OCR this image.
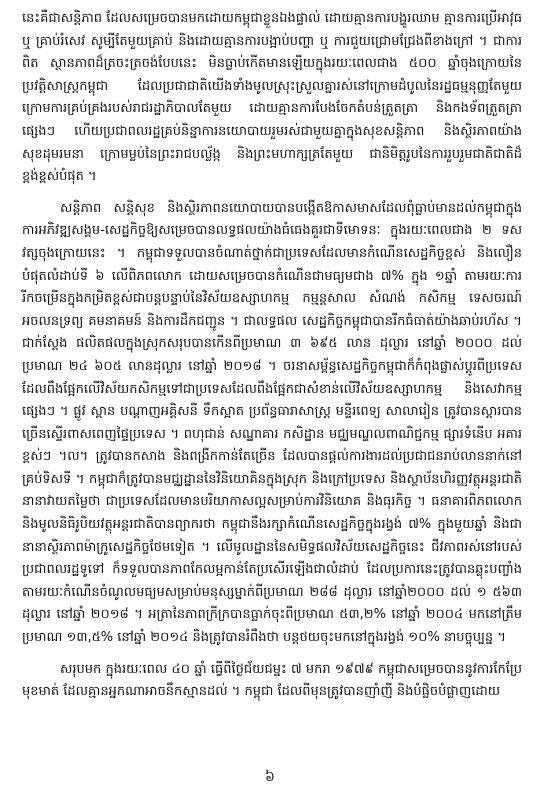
នេះគឺជាសន្តិភាព ដែលសម្រេចបានមកដោយកម្ពុជាខ្លួនឯងផ្ទាល់ ដោយគ្មានការបង្ហូរឈាម គ្មានការប្រើអាវុធ ឬ គ្រាប់រំសេវ សូម្បីតែមួយគ្រាប់ និងដោយគ្មានការបង្អាប់បញ្ហា ឬ ការជួយជ្រោមជ្រែងពីខាងក្រៅ ។ ជាការពិត ស្ថានភាពដ៏ត្រចះត្រចង់បែបនេះ មិនធ្លាប់កើតមានឡើយក្នុងរយៈពេលជាង ៥០០ ឆ្នាំចុងក្រោយនៃប្រវត្តិសាស្ត្រកម្ពុជា ដែលប្រជាជាតិយើងទាំងមូលស្រុះស្រួលគ្នារស់នៅក្រោមដំបូលនៃរដ្ឋធម្មនុញ្ញតែមួយ ក្រោមការគ្រប់គ្រងរបស់រាជរដ្ឋាភិបាលតែមួយ ដោយគ្មានការបែងចែកតំបន់ត្រួតត្រា និងកងទ័ពត្រួតត្រាផ្សេងៗ ហើយប្រជាពលរដ្ឋគ្រប់និន្នាការនយោបាយរួមរស់ជាមួយគ្នាក្នុងសុខសន្តិភាព និងស្ថិរភាពយ៉ាងសុខដុមរមនា ក្រោមម្លប់នៃព្រះរាជបល្ល័ង្ក និងព្រះមហាក្សត្រតែមួយ ជានិមិត្តរូបនៃការរួបរួមជាតិជាតិដ៏ខ្ពង់ខ្ពស់បំផុត ។

សន្តិភាព សន្តិសុខ និងស្ថិរភាពនយោបាយបានបង្កើតឱកាសមាសដែលពុំធ្លាប់មានដល់កម្ពុជាក្នុងការអភិវឌ្ឍសង្គម-សេដ្ឋកិច្ចឱ្យសម្រេចបានលទ្ធផលយ៉ាងធំធេងគួរជាទីមោទនៈ ក្នុងរយៈពេលជាង ២ ទសវត្សចុងក្រោយនេះ ។ កម្ពុជាទទួលបានចំណាត់ថ្នាក់ជាប្រទេសដែលមានកំណើនសេដ្ឋកិច្ចខ្ពស់ និងលឿនបំផុតលំដាប់ទី ៦ លើពិភពលោក ដោយសម្រេចបានកំណើនជាមធ្យមជាង ៧% ក្នុង ១ឆ្នាំ តាមរយៈការរីកចម្រើនក្នុងកម្រិតខ្ពស់ជាបន្តបន្ទាប់នៃវិស័យឧស្សាហកម្ម កម្មន្តសាល សំណង់ កសិកម្ម ទេសចរណ៍ អចលនទ្រព្យ គមនាគមន៍ និងការដឹកជញ្ជូន ។ ជាលទ្ធផល សេដ្ឋកិច្ចកម្ពុជាបានរីកធំធាត់យ៉ាងឆាប់រហ័ស ។ ជាក់ស្តែង ផលិតផលក្នុងស្រុកសរុបបានកើនពីប្រមាណ ៣ ៦៩៥ លាន ដុល្លារ នៅឆ្នាំ ២០០០ ដល់ប្រមាណ ២៤ ៦០៥ លានដុល្លារ នៅឆ្នាំ ២០១៨ ។ ចរនាសម្ព័ន្ធសេដ្ឋកិច្ចកម្ពុជាក៏កំពុងផ្លាស់ប្តូរពីប្រទេសដែលពឹងផ្អែកលើវិស័យកសិកម្មទៅជាប្រទេសដែលពឹងផ្អែកជាសំខាន់លើវិស័យឧស្សាហកម្ម និងសេវាកម្មផ្សេងៗ ។ ផ្លូវ ស្ពាន បណ្តាញអគ្គិសនី ទឹកស្អាត ប្រព័ន្ធធារាសាស្ត្រ មន្ទីរពេទ្យ សាលារៀន ត្រូវបានស្តារបានច្រើនស្ទើរពាសពេញផ្ទៃប្រទេស ។ ពហុជាន់ សណ្ឋាគារ កសិដ្ឋាន មជ្ឈមណ្ឌលពាណិជ្ជកម្ម ផ្សារទំនើប អគារខ្ពស់ៗ ។ល។ ត្រូវបានកសាង និងពង្រីកកាន់តែច្រើន ដែលបានផ្តល់ការងារដល់ប្រជាជនរាប់លាននាក់នៅគ្រប់ទិសទី ។ កម្ពុជាក៏ត្រូវបានមជ្ឈដ្ឋាននៃវិនិយោគិនក្នុងស្រុក និងក្រៅប្រទេស និងស្ថាប័នហិរញ្ញវត្ថុអន្តរជាតិនានាវាយតម្លៃថា ជាប្រទេសដែលមានបរិយាកាសល្អសម្រាប់ការវិនិយោគ និងធុរកិច្ច ។ ធនាគារពិភពលោក និងមូលនិធិរូបិយវត្ថុអន្តរជាតិបានព្យាករថា កម្ពុជានឹងរក្សាកំណើនសេដ្ឋកិច្ចក្នុងរង្វង់ ៧% ក្នុងមួយឆ្នាំ និងជានានាស្ថិរភាពម៉ាក្រូសេដ្ឋកិច្ចថែមទៀត ។ លើមូលដ្ឋាននៃសមិទ្ធផលវិស័យសេដ្ឋកិច្ចនេះ ជីវភាពរស់នៅរបស់ប្រជាពលរដ្ឋទូទៅ ក៏ទទួលបានភាពកែលម្អកាន់តែប្រសើរឡើងជាលំដាប់ ដែលប្រការនេះត្រូវបានឆ្លុះបញ្ចាំងតាមរយៈកំណើនចំណូលមធ្យមសម្រាប់មនុស្សម្នាក់ពីប្រមាណ ២៨៨ ដុល្លារ នៅឆ្នាំ២០០០ ដល់ ១ ៥៦៣ ដុល្លារ នៅឆ្នាំ ២០១៨ ។ អត្រានៃភាពក្រីក្របានធ្លាក់ចុះពីប្រមាណ ៥៣,២% នៅឆ្នាំ ២០០៤ មកនៅត្រឹមប្រមាណ ១៣,៥% នៅឆ្នាំ ២០១៤ និងត្រូវបានរំពឹងថា បន្តថយចុះមកនៅក្នុងរង្វង់ ១០% នាបច្ចុប្បន្ន ។

សរុបមក ក្នុងរយៈពេល ៤០ ឆ្នាំ ធ្វើពីថ្ងៃជ័យជម្នះ ៧ មករា ១៩៧៩ កម្ពុជាសម្រេចបាននូវការកែប្រែមុខមាត់ ដែលគ្មានអ្នកណាអាចនឹកស្មានដល់ ។ កម្ពុជា ដែលពីមុនត្រូវបានញាំញី និងបំផ្លិចបំផ្លាញដោយ

៦
